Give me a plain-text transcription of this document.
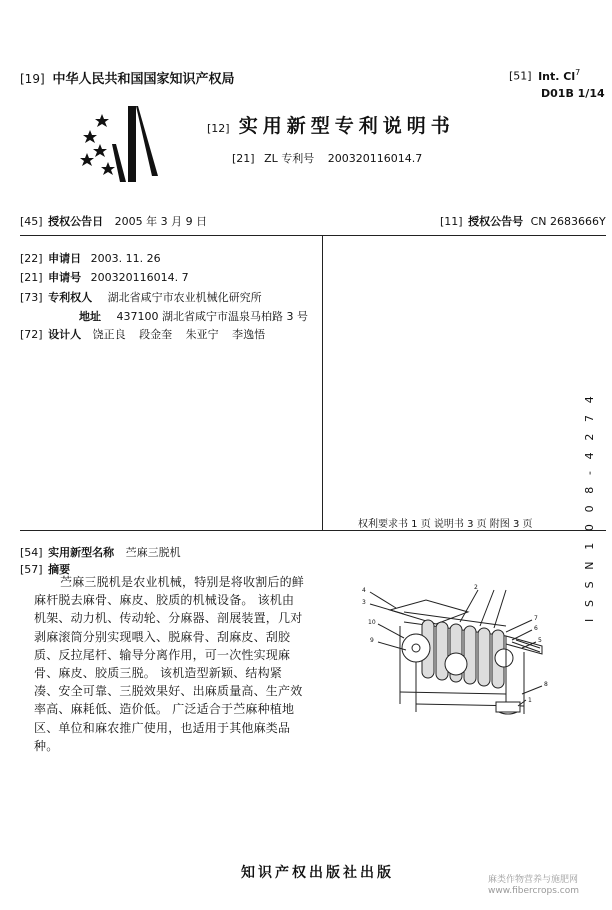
[19] 中华人民共和国国家知识产权局	[51] Int. Cl$^7$
D01B 1/14
[12] 实用新型专利说明书
[21] ZL 专利号 200320116014.7
[45] 授权公告日 2005 年 3 月 9 日	[11] 授权公告号 CN 2683666Y
[22] 申请日 2003. 11. 26
[21] 申请号 200320116014. 7
[73] 专利权人 湖北省咸宁市农业机械化研究所
地址 437100 湖北省咸宁市温泉马柏路 3 号
[72] 设计人 饶正良 段金奎 朱亚宁 李逸悟
权利要求书 1 页 说明书 3 页 附图 3 页
[54] 实用新型名称 苎麻三脱机
[57] 摘要

苎麻三脱机是农业机械，特别是将收割后的鲜

麻杆脱去麻骨、麻皮、胶质的机械设备。 该机由

机架、动力机、传动轮、分麻器、剖展装置，几对

剥麻滚筒分别实现喂入、脱麻骨、刮麻皮、刮胶

质、反拉尾杆、输导分离作用，可一次性实现麻

骨、麻皮、胶质三脱。 该机造型新颖、结构紧

凑、安全可靠、三脱效果好、出麻质量高、生产效

率高、麻耗低、造价低。 广泛适合于苎麻种植地

区、单位和麻农推广使用，也适用于其他麻类品

种。

4
3
2
10
9
7
6
5
8
1
I S S N 1 0 0 8 - 4 2 7 4
知识产权出版社出版	麻类作物营养与施肥网
www.fibercrops.com
